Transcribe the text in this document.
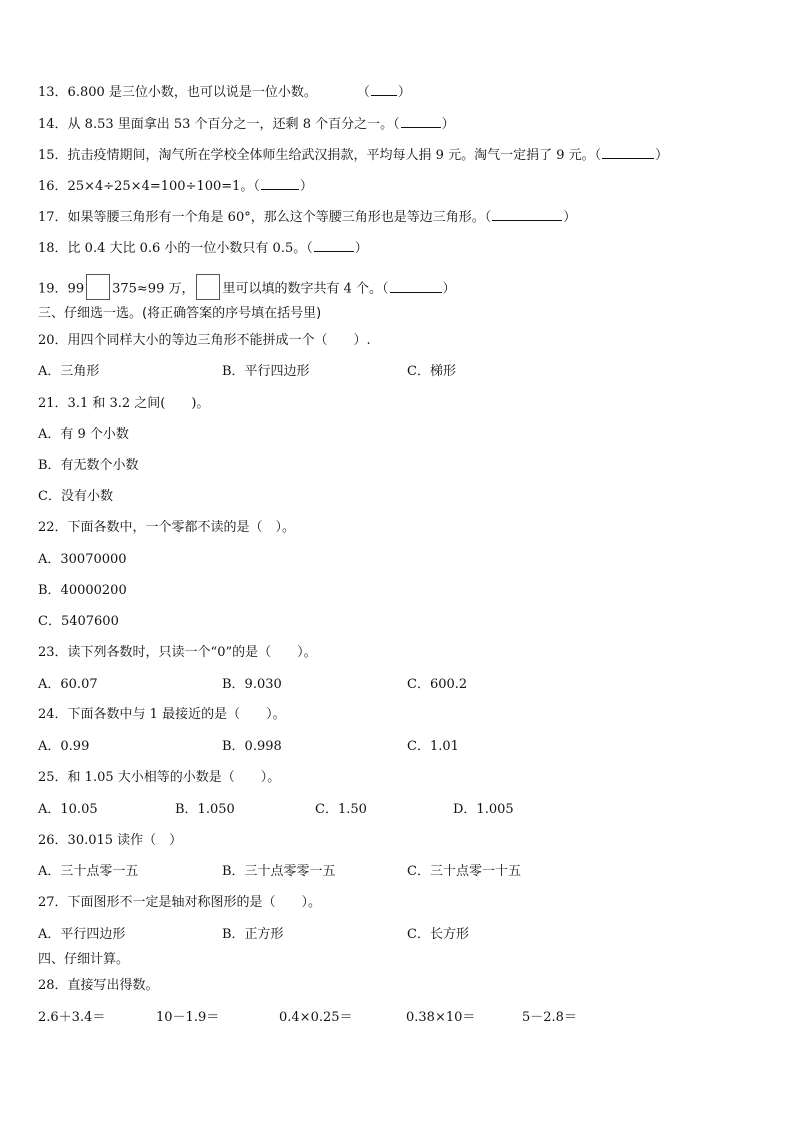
13．6.800 是三位小数，也可以说是一位小数。	（ ）
14．从 8.53 里面拿出 53 个百分之一，还剩 8 个百分之一。（	）
15．抗击疫情期间，淘气所在学校全体师生给武汉捐款，平均每人捐 9 元。淘气一定捐了 9 元。（	）
16．25×4÷25×4=100÷100=1。（	）
17．如果等腰三角形有一个角是 60°，那么这个等腰三角形也是等边三角形。（	）
18．比 0.4 大比 0.6 小的一位小数只有 0.5。（	）
19．99 375≈99 万， 里可以填的数字共有 4 个。（	）
三、仔细选一选。(将正确答案的序号填在括号里)
20．用四个同样大小的等边三角形不能拼成一个（　　）.
A．三角形	B．平行四边形	C．梯形
21．3.1 和 3.2 之间(　　)。
A．有 9 个小数
B．有无数个小数
C．没有小数
22．下面各数中，一个零都不读的是（　）。
A．30070000
B．40000200
C．5407600
23．读下列各数时，只读一个“0”的是（　　）。
A．60.07	B．9.030	C．600.2
24．下面各数中与 1 最接近的是（　　）。
A．0.99	B．0.998	C．1.01
25．和 1.05 大小相等的小数是（　　）。
A．10.05	B．1.050	C．1.50	D．1.005
26．30.015 读作（　）
A．三十点零一五	B．三十点零零一五	C．三十点零一十五
27．下面图形不一定是轴对称图形的是（　　）。
A．平行四边形	B．正方形	C．长方形
四、仔细计算。
28．直接写出得数。
2.6＋3.4＝	10－1.9＝	0.4×0.25＝	0.38×10＝	5－2.8＝
